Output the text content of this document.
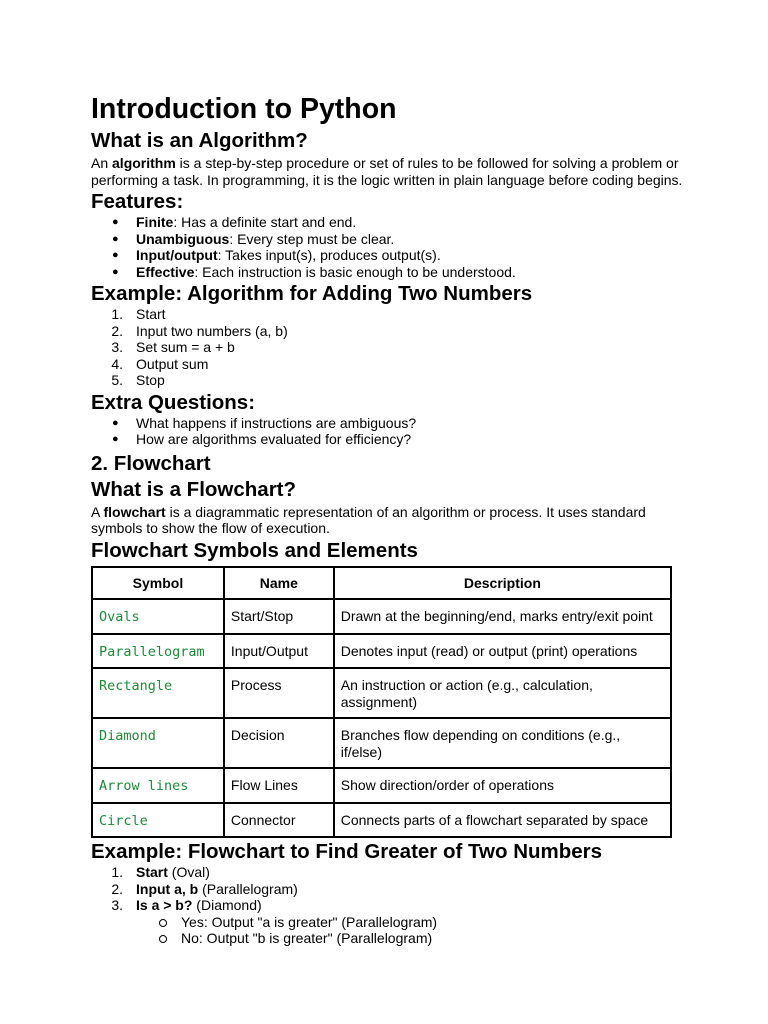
Introduction to Python
What is an Algorithm?

An algorithm is a step-by-step procedure or set of rules to be followed for solving a problem or performing a task. In programming, it is the logic written in plain language before coding begins.

Features:
●	Finite: Has a definite start and end.
●	Unambiguous: Every step must be clear.
●	Input/output: Takes input(s), produces output(s).
●	Effective: Each instruction is basic enough to be understood.
Example: Algorithm for Adding Two Numbers
1. Start
2. Input two numbers (a, b)
3. Set sum = a + b
4. Output sum
5. Stop
Extra Questions:
●	What happens if instructions are ambiguous?
●	How are algorithms evaluated for efficiency?
2. Flowchart
What is a Flowchart?

A flowchart is a diagrammatic representation of an algorithm or process. It uses standard symbols to show the flow of execution.

Flowchart Symbols and Elements
Symbol	Name	Description
Ovals	Start/Stop	Drawn at the beginning/end, marks entry/exit point
Parallelogram	Input/Output	Denotes input (read) or output (print) operations
Rectangle	Process	An instruction or action (e.g., calculation, assignment)
Diamond	Decision	Branches flow depending on conditions (e.g., if/else)
Arrow lines	Flow Lines	Show direction/order of operations
Circle	Connector	Connects parts of a flowchart separated by space
Example: Flowchart to Find Greater of Two Numbers
1. Start (Oval)
2. Input a, b (Parallelogram)
3. Is a > b? (Diamond)
Yes: Output "a is greater" (Parallelogram)
No: Output "b is greater" (Parallelogram)
